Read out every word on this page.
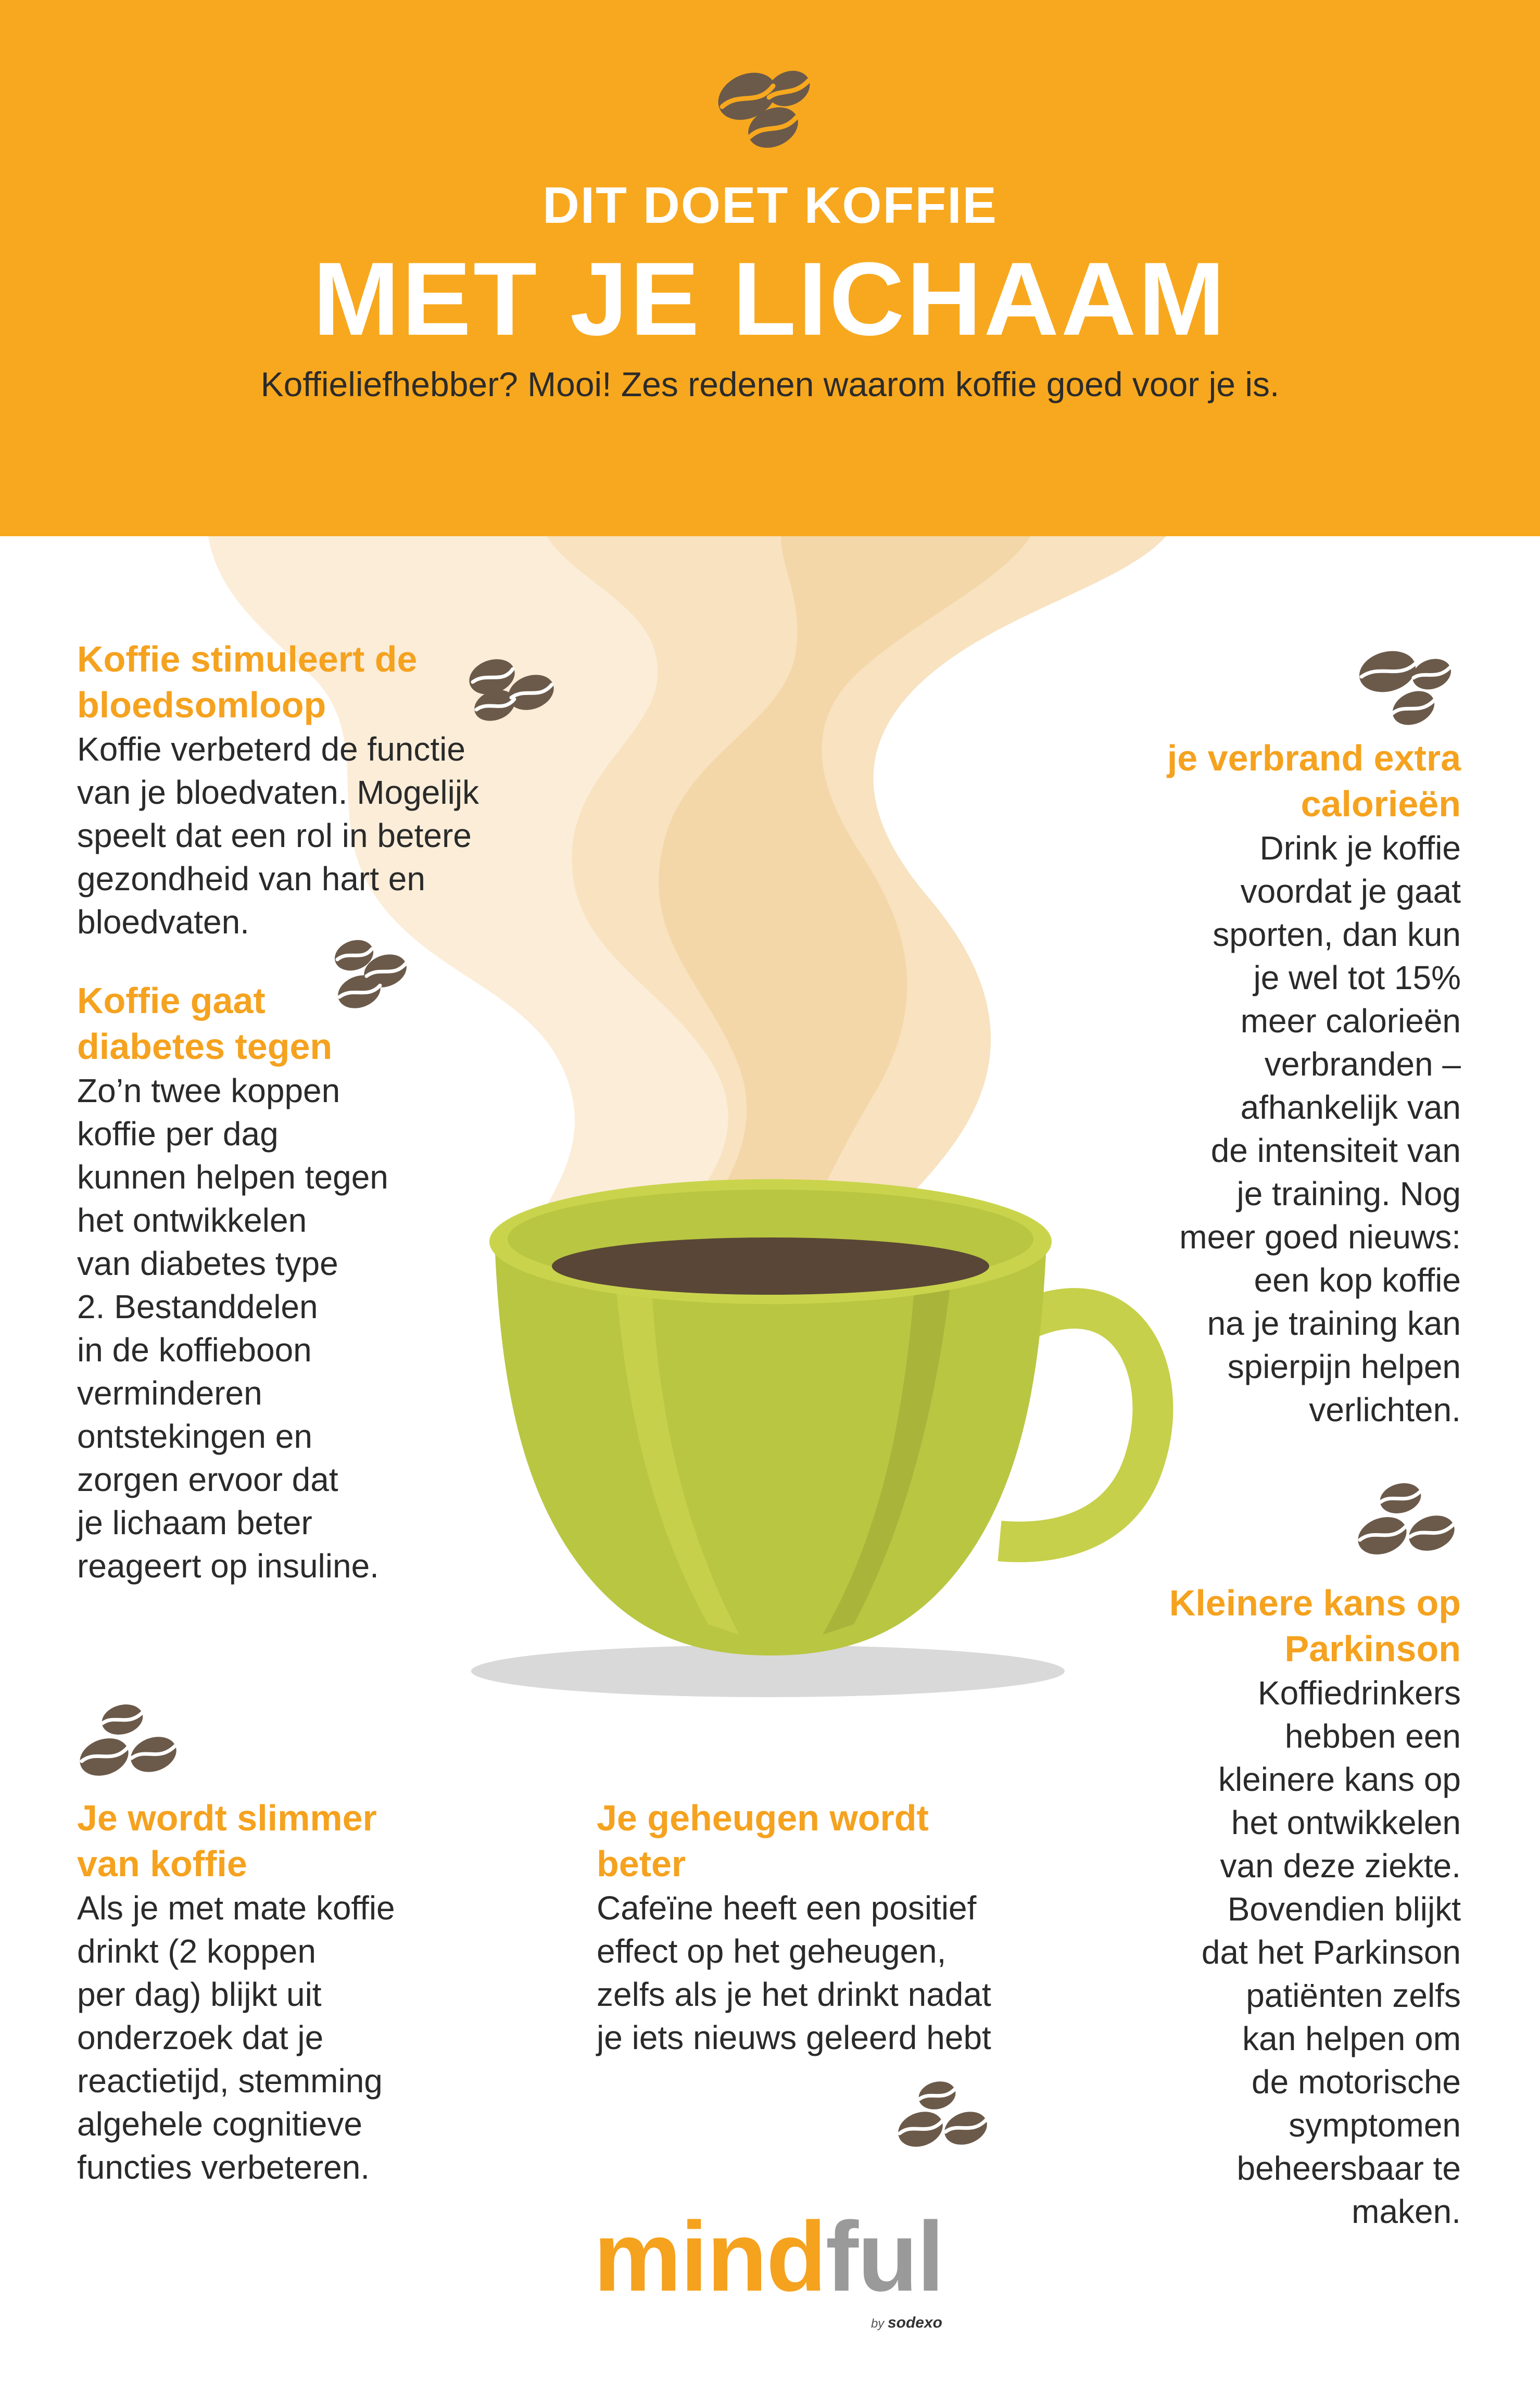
DIT DOET KOFFIE
MET JE LICHAAM
Koffieliefhebber? Mooi! Zes redenen waarom koffie goed voor je is.
Koffie stimuleert de
bloedsomloop

Koffie verbeterd de functie
van je bloedvaten. Mogelijk
speelt dat een rol in betere
gezondheid van hart en
bloedvaten.

Koffie gaat
diabetes tegen

Zo’n twee koppen
koffie per dag
kunnen helpen tegen
het ontwikkelen
van diabetes type
2. Bestanddelen
in de koffieboon
verminderen
ontstekingen en
zorgen ervoor dat
je lichaam beter
reageert op insuline.

je verbrand extra
calorieën

Drink je koffie
voordat je gaat
sporten, dan kun
je wel tot 15%
meer calorieën
verbranden –
afhankelijk van
de intensiteit van
je training. Nog
meer goed nieuws:
een kop koffie
na je training kan
spierpijn helpen
verlichten.

Kleinere kans op
Parkinson

Koffiedrinkers
hebben een
kleinere kans op
het ontwikkelen
van deze ziekte.
Bovendien blijkt
dat het Parkinson
patiënten zelfs
kan helpen om
de motorische
symptomen
beheersbaar te
maken.

Je wordt slimmer
van koffie

Als je met mate koffie
drinkt (2 koppen
per dag) blijkt uit
onderzoek dat je
reactietijd, stemming
algehele cognitieve
functies verbeteren.

Je geheugen wordt
beter

Cafeïne heeft een positief
effect op het geheugen,
zelfs als je het drinkt nadat
je iets nieuws geleerd hebt

mindful
by sodexo
